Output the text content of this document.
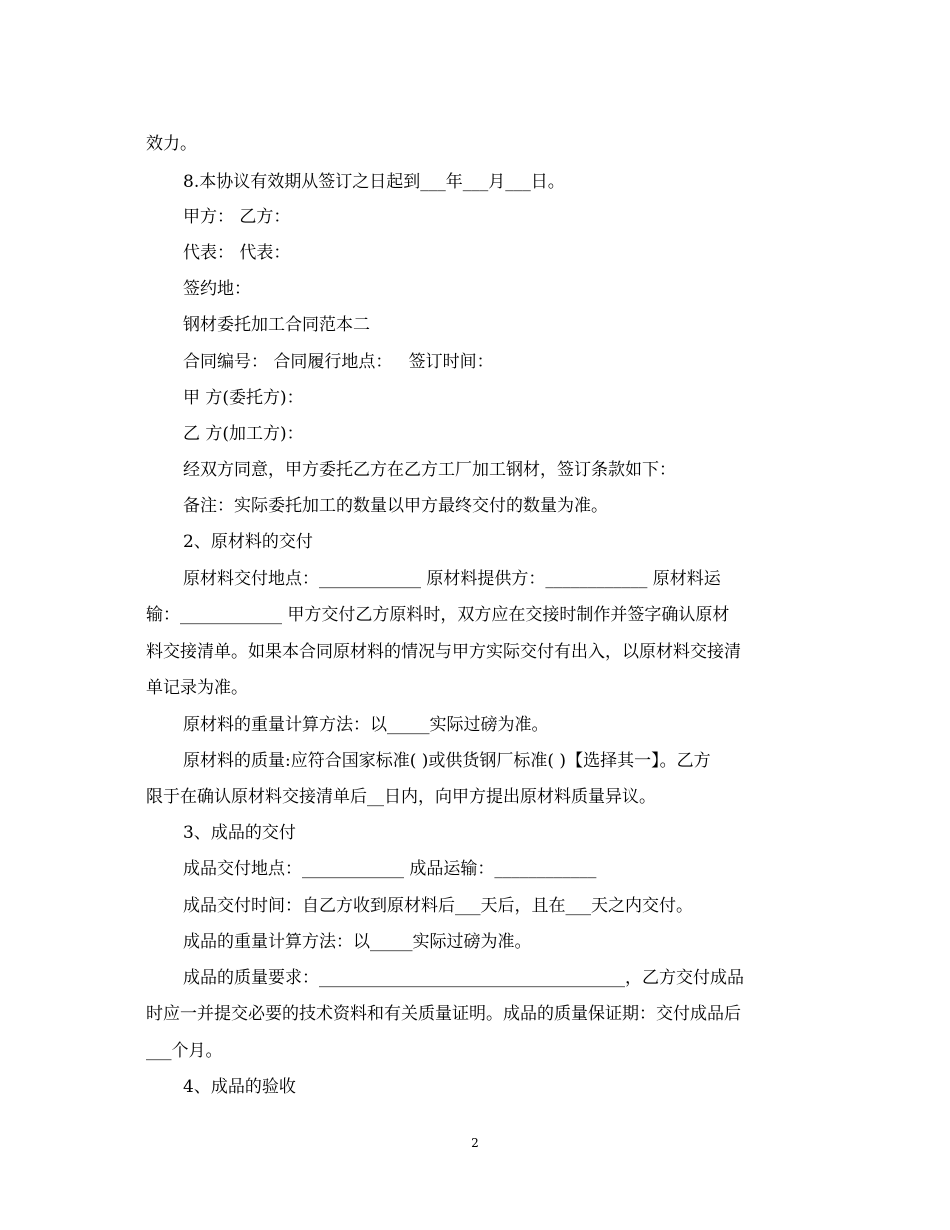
效力。
8.本协议有效期从签订之日起到___年___月___日。
甲方： 乙方：
代表： 代表：
签约地：
钢材委托加工合同范本二
合同编号： 合同履行地点：   签订时间：
甲 方(委托方)：
乙 方(加工方)：
经双方同意，甲方委托乙方在乙方工厂加工钢材，签订条款如下：
备注：实际委托加工的数量以甲方最终交付的数量为准。
2、原材料的交付
原材料交付地点：____________ 原材料提供方：____________ 原材料运
输：____________ 甲方交付乙方原料时，双方应在交接时制作并签字确认原材
料交接清单。如果本合同原材料的情况与甲方实际交付有出入，以原材料交接清
单记录为准。
原材料的重量计算方法：以_____实际过磅为准。
原材料的质量:应符合国家标准( )或供货钢厂标准( )【选择其一】。乙方
限于在确认原材料交接清单后__日内，向甲方提出原材料质量异议。
3、成品的交付
成品交付地点：____________ 成品运输：____________
成品交付时间：自乙方收到原材料后___天后，且在___天之内交付。
成品的重量计算方法：以_____实际过磅为准。
成品的质量要求：____________________________________，乙方交付成品
时应一并提交必要的技术资料和有关质量证明。成品的质量保证期：交付成品后
___个月。
4、成品的验收
2
